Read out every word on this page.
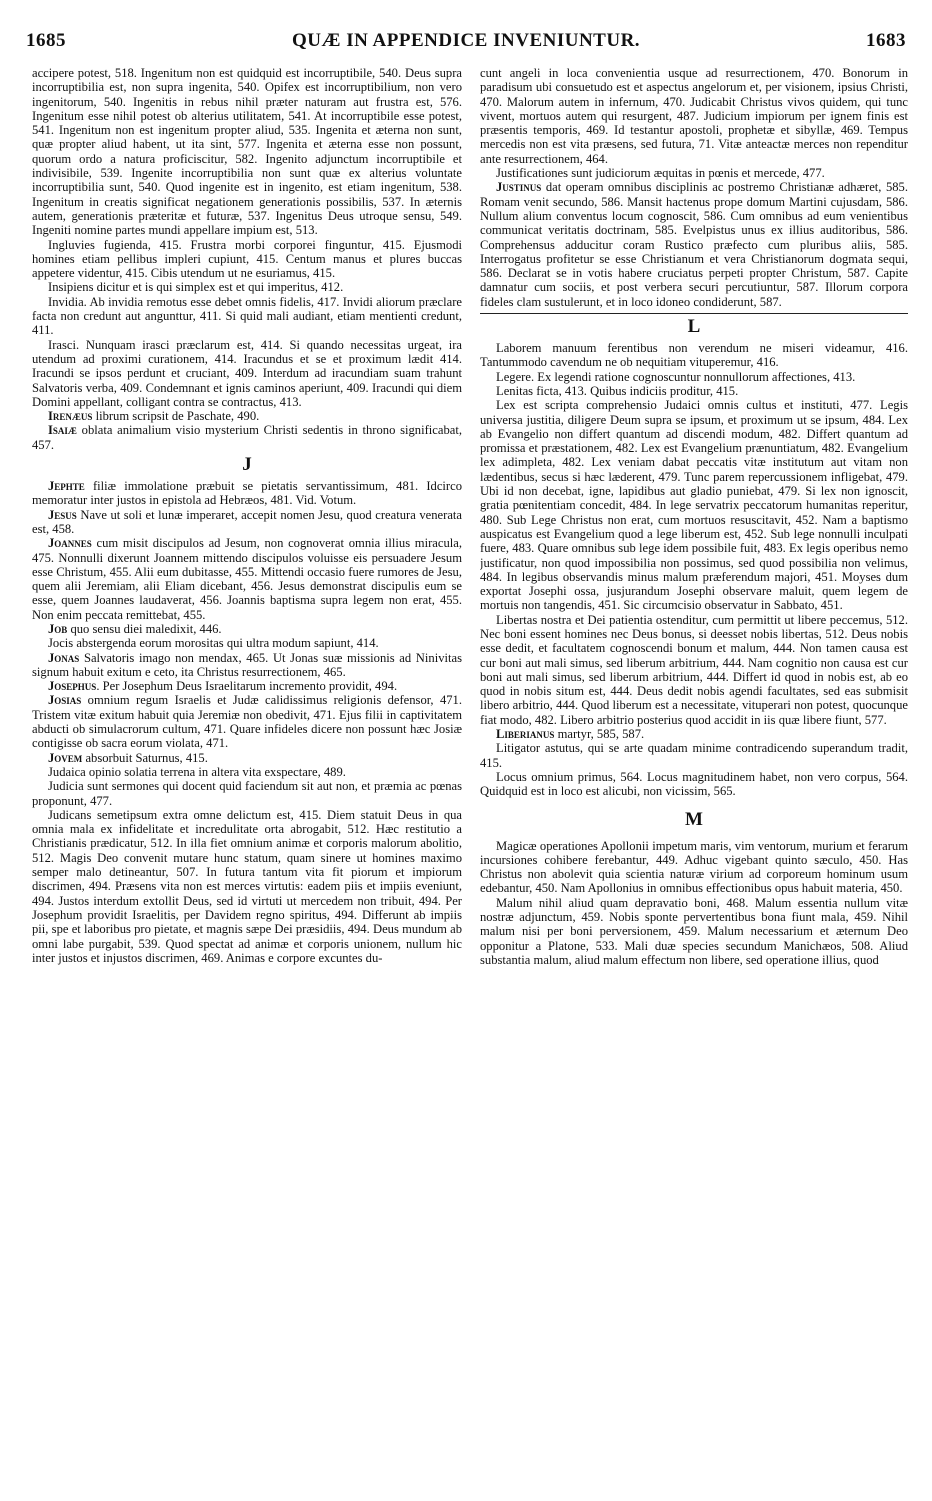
1685	QUÆ IN APPENDICE INVENIUNTUR.	1683

accipere potest, 518. Ingenitum non est quidquid est incorruptibile, 540. Deus supra incorruptibilia est, non supra ingenita, 540. Opifex est incorruptibilium, non vero ingenitorum, 540. Ingenitis in rebus nihil præter naturam aut frustra est, 576. Ingenitum esse nihil potest ob alterius utilitatem, 541. At incorruptibile esse potest, 541. Ingenitum non est ingenitum propter aliud, 535. Ingenita et æterna non sunt, quæ propter aliud habent, ut ita sint, 577. Ingenita et æterna esse non possunt, quorum ordo a natura proficiscitur, 582. Ingenito adjunctum incorruptibile et indivisibile, 539. Ingenite incorruptibilia non sunt quæ ex alterius voluntate incorruptibilia sunt, 540. Quod ingenite est in ingenito, est etiam ingenitum, 538. Ingenitum in creatis significat negationem generationis possibilis, 537. In æternis autem, generationis præteritæ et futuræ, 537. Ingenitus Deus utroque sensu, 549. Ingeniti nomine partes mundi appellare impium est, 513.

Ingluvies fugienda, 415. Frustra morbi corporei finguntur, 415. Ejusmodi homines etiam pellibus impleri cupiunt, 415. Centum manus et plures buccas appetere videntur, 415. Cibis utendum ut ne esuriamus, 415.

Insipiens dicitur et is qui simplex est et qui imperitus, 412.

Invidia. Ab invidia remotus esse debet omnis fidelis, 417. Invidi aliorum præclare facta non credunt aut angunttur, 411. Si quid mali audiant, etiam mentienti credunt, 411.

Irasci. Nunquam irasci præclarum est, 414. Si quando necessitas urgeat, ira utendum ad proximi curationem, 414. Iracundus et se et proximum lædit 414. Iracundi se ipsos perdunt et cruciant, 409. Interdum ad iracundiam suam trahunt Salvatoris verba, 409. Condemnant et ignis caminos aperiunt, 409. Iracundi qui diem Domini appellant, colligant contra se contractus, 413.

Irenæus librum scripsit de Paschate, 490.

Isaiæ oblata animalium visio mysterium Christi sedentis in throno significabat, 457.

J

Jephte filiæ immolatione præbuit se pietatis servantissimum, 481. Idcirco memoratur inter justos in epistola ad Hebræos, 481. Vid. Votum.

Jesus Nave ut soli et lunæ imperaret, accepit nomen Jesu, quod creatura venerata est, 458.

Joannes cum misit discipulos ad Jesum, non cognoverat omnia illius miracula, 475. Nonnulli dixerunt Joannem mittendo discipulos voluisse eis persuadere Jesum esse Christum, 455. Alii eum dubitasse, 455. Mittendi occasio fuere rumores de Jesu, quem alii Jeremiam, alii Eliam dicebant, 456. Jesus demonstrat discipulis eum se esse, quem Joannes laudaverat, 456. Joannis baptisma supra legem non erat, 455. Non enim peccata remittebat, 455.

Job quo sensu diei maledixit, 446.

Jocis abstergenda eorum morositas qui ultra modum sapiunt, 414.

Jonas Salvatoris imago non mendax, 465. Ut Jonas suæ missionis ad Ninivitas signum habuit exitum e ceto, ita Christus resurrectionem, 465.

Josephus. Per Josephum Deus Israelitarum incremento providit, 494.

Josias omnium regum Israelis et Judæ calidissimus religionis defensor, 471. Tristem vitæ exitum habuit quia Jeremiæ non obedivit, 471. Ejus filii in captivitatem abducti ob simulacrorum cultum, 471. Quare infideles dicere non possunt hæc Josiæ contigisse ob sacra eorum violata, 471.

Jovem absorbuit Saturnus, 415.

Judaica opinio solatia terrena in altera vita exspectare, 489.

Judicia sunt sermones qui docent quid faciendum sit aut non, et præmia ac pœnas proponunt, 477.

Judicans semetipsum extra omne delictum est, 415. Diem statuit Deus in qua omnia mala ex infidelitate et incredulitate orta abrogabit, 512. Hæc restitutio a Christianis prædicatur, 512. In illa fiet omnium animæ et corporis malorum abolitio, 512. Magis Deo convenit mutare hunc statum, quam sinere ut homines maximo semper malo detineantur, 507. In futura tantum vita fit piorum et impiorum discrimen, 494. Præsens vita non est merces virtutis: eadem piis et impiis eveniunt, 494. Justos interdum extollit Deus, sed id virtuti ut mercedem non tribuit, 494. Per Josephum providit Israelitis, per Davidem regno spiritus, 494. Differunt ab impiis pii, spe et laboribus pro pietate, et magnis sæpe Dei præsidiis, 494. Deus mundum ab omni labe purgabit, 539. Quod spectat ad animæ et corporis unionem, nullum hic inter justos et injustos discrimen, 469. Animas e corpore excuntes du-

cunt angeli in loca convenientia usque ad resurrectionem, 470. Bonorum in paradisum ubi consuetudo est et aspectus angelorum et, per visionem, ipsius Christi, 470. Malorum autem in infernum, 470. Judicabit Christus vivos quidem, qui tunc vivent, mortuos autem qui resurgent, 487. Judicium impiorum per ignem finis est præsentis temporis, 469. Id testantur apostoli, prophetæ et sibyllæ, 469. Tempus mercedis non est vita præsens, sed futura, 71. Vitæ anteactæ merces non rependitur ante resurrectionem, 464.

Justificationes sunt judiciorum æquitas in pœnis et mercede, 477.

Justinus dat operam omnibus disciplinis ac postremo Christianæ adhæret, 585. Romam venit secundo, 586. Mansit hactenus prope domum Martini cujusdam, 586. Nullum alium conventus locum cognoscit, 586. Cum omnibus ad eum venientibus communicat veritatis doctrinam, 585. Evelpistus unus ex illius auditoribus, 586. Comprehensus adducitur coram Rustico præfecto cum pluribus aliis, 585. Interrogatus profitetur se esse Christianum et vera Christianorum dogmata sequi, 586. Declarat se in votis habere cruciatus perpeti propter Christum, 587. Capite damnatur cum sociis, et post verbera securi percutiuntur, 587. Illorum corpora fideles clam sustulerunt, et in loco idoneo condiderunt, 587.

L

Laborem manuum ferentibus non verendum ne miseri videamur, 416. Tantummodo cavendum ne ob nequitiam vituperemur, 416.

Legere. Ex legendi ratione cognoscuntur nonnullorum affectiones, 413.

Lenitas ficta, 413. Quibus indiciis proditur, 415.

Lex est scripta comprehensio Judaici omnis cultus et instituti, 477. Legis universa justitia, diligere Deum supra se ipsum, et proximum ut se ipsum, 484. Lex ab Evangelio non differt quantum ad discendi modum, 482. Differt quantum ad promissa et præstationem, 482. Lex est Evangelium prænuntiatum, 482. Evangelium lex adimpleta, 482. Lex veniam dabat peccatis vitæ institutum aut vitam non lædentibus, secus si hæc læderent, 479. Tunc parem repercussionem infligebat, 479. Ubi id non decebat, igne, lapidibus aut gladio puniebat, 479. Si lex non ignoscit, gratia pœnitentiam concedit, 484. In lege servatrix peccatorum humanitas reperitur, 480. Sub Lege Christus non erat, cum mortuos resuscitavit, 452. Nam a baptismo auspicatus est Evangelium quod a lege liberum est, 452. Sub lege nonnulli inculpati fuere, 483. Quare omnibus sub lege idem possibile fuit, 483. Ex legis operibus nemo justificatur, non quod impossibilia non possimus, sed quod possibilia non velimus, 484. In legibus observandis minus malum præferendum majori, 451. Moyses dum exportat Josephi ossa, jusjurandum Josephi observare maluit, quem legem de mortuis non tangendis, 451. Sic circumcisio observatur in Sabbato, 451.

Libertas nostra et Dei patientia ostenditur, cum permittit ut libere peccemus, 512. Nec boni essent homines nec Deus bonus, si deesset nobis libertas, 512. Deus nobis esse dedit, et facultatem cognoscendi bonum et malum, 444. Non tamen causa est cur boni aut mali simus, sed liberum arbitrium, 444. Nam cognitio non causa est cur boni aut mali simus, sed liberum arbitrium, 444. Differt id quod in nobis est, ab eo quod in nobis situm est, 444. Deus dedit nobis agendi facultates, sed eas submisit libero arbitrio, 444. Quod liberum est a necessitate, vituperari non potest, quocunque fiat modo, 482. Libero arbitrio posterius quod accidit in iis quæ libere fiunt, 577.

Liberianus martyr, 585, 587.

Litigator astutus, qui se arte quadam minime contradicendo superandum tradit, 415.

Locus omnium primus, 564. Locus magnitudinem habet, non vero corpus, 564. Quidquid est in loco est alicubi, non vicissim, 565.

M

Magicæ operationes Apollonii impetum maris, vim ventorum, murium et ferarum incursiones cohibere ferebantur, 449. Adhuc vigebant quinto sæculo, 450. Has Christus non abolevit quia scientia naturæ virium ad corporeum hominum usum edebantur, 450. Nam Apollonius in omnibus effectionibus opus habuit materia, 450.

Malum nihil aliud quam depravatio boni, 468. Malum essentia nullum vitæ nostræ adjunctum, 459. Nobis sponte pervertentibus bona fiunt mala, 459. Nihil malum nisi per boni perversionem, 459. Malum necessarium et æternum Deo opponitur a Platone, 533. Mali duæ species secundum Manichæos, 508. Aliud substantia malum, aliud malum effectum non libere, sed operatione illius, quod
